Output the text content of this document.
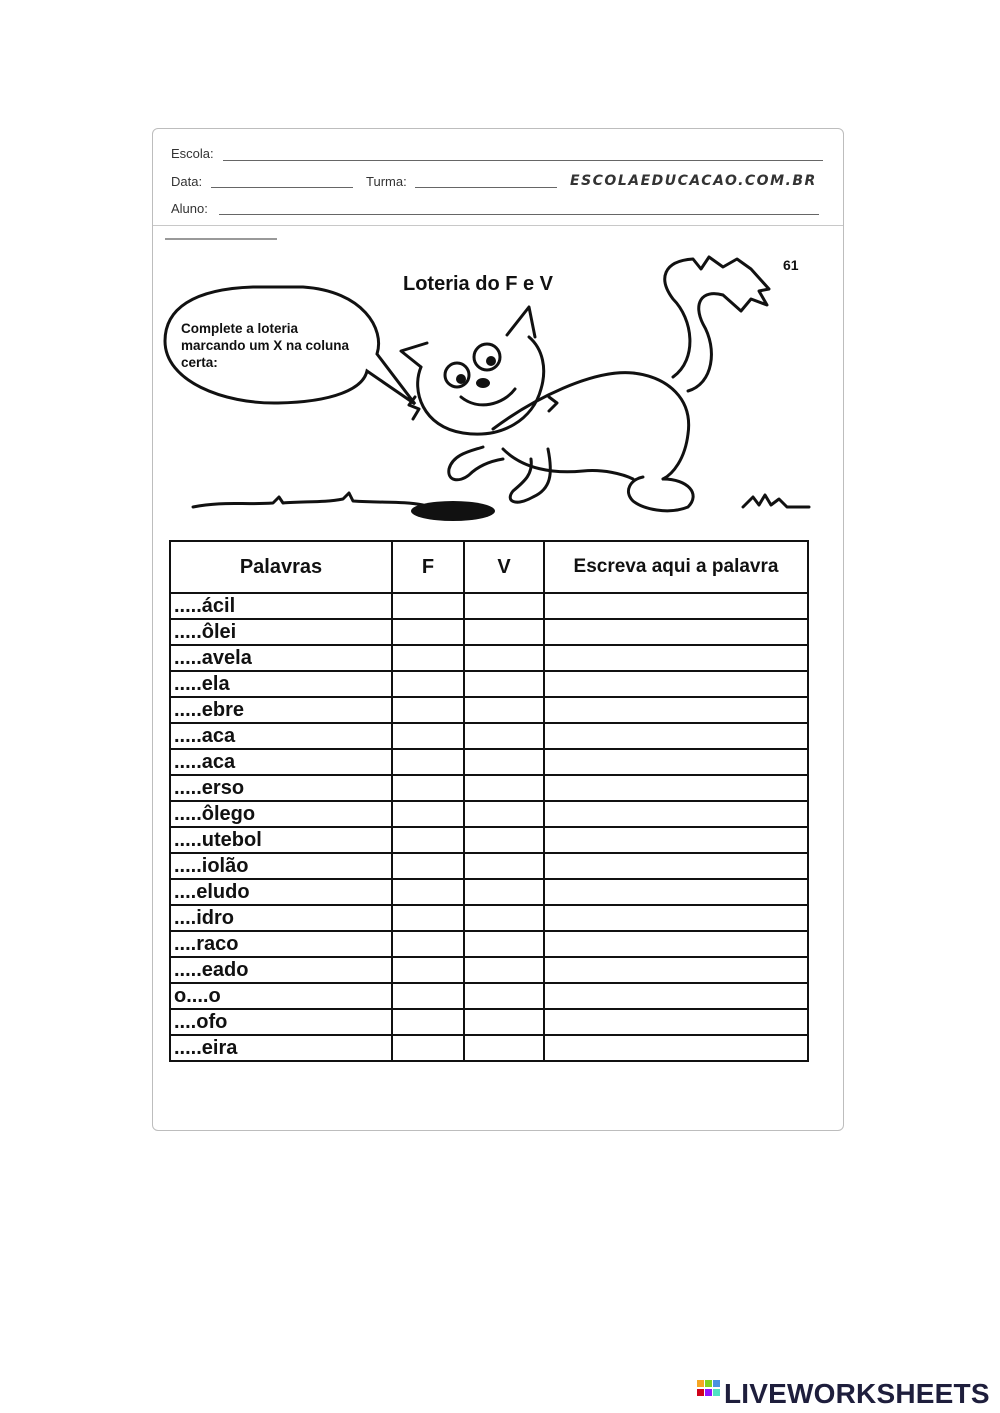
Escola:
Data:	Turma:	ESCOLAEDUCACAO.COM.BR
Aluno:
61
Loteria do F e V
Complete a loteria marcando um X na coluna certa:
Palavras	F	V	Escreva aqui a palavra
.....ácil			
.....ôlei			
.....avela			
.....ela			
.....ebre			
.....aca			
.....aca			
.....erso			
.....ôlego			
.....utebol			
.....iolão			
....eludo			
....idro			
....raco			
.....eado			
o....o			
....ofo			
.....eira			
LIVEWORKSHEETS
